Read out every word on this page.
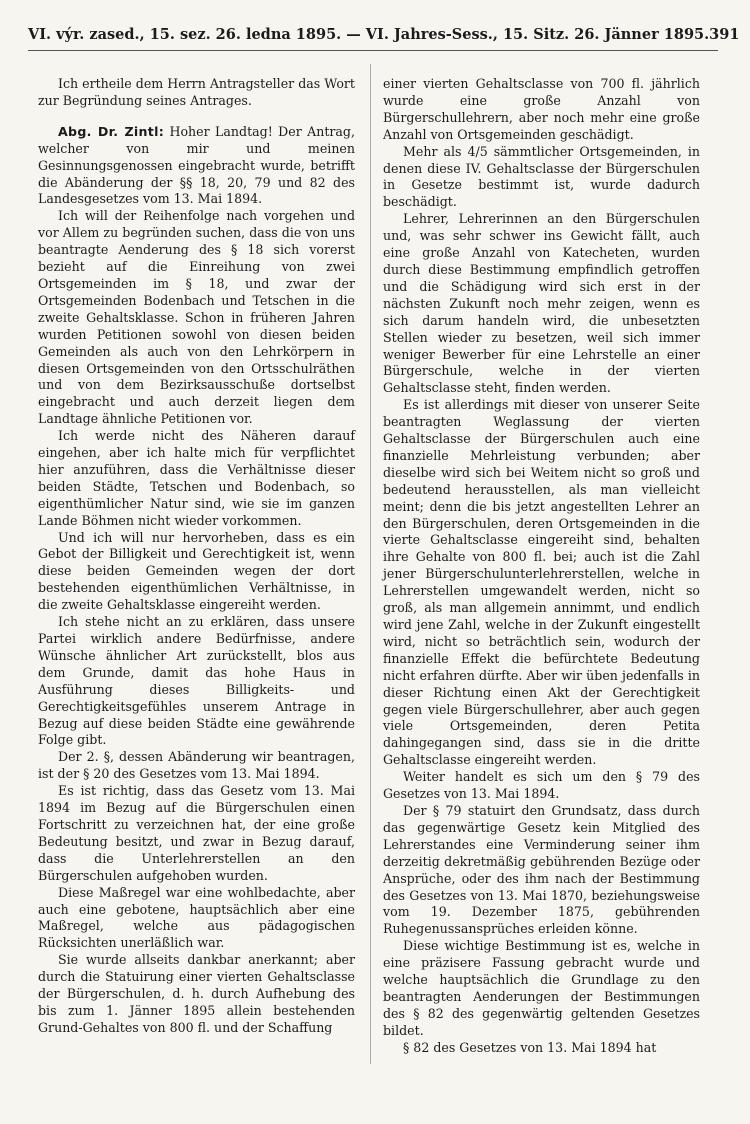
VI. výr. zased., 15. sez. 26. ledna 1895. — VI. Jahres-Sess., 15. Sitz. 26. Jänner 1895. 391

Ich ertheile dem Herrn Antragsteller das Wort zur Begründung seines Antrages.

Abg. Dr. Zintl: Hoher Landtag! Der Antrag, welcher von mir und meinen Gesinnungsgenossen eingebracht wurde, betrifft die Abänderung der §§ 18, 20, 79 und 82 des Landesgesetzes vom 13. Mai 1894.

Ich will der Reihenfolge nach vorgehen und vor Allem zu begründen suchen, dass die von uns beantragte Aenderung des § 18 sich vorerst bezieht auf die Einreihung von zwei Ortsgemeinden im § 18, und zwar der Ortsgemeinden Bodenbach und Tetschen in die zweite Gehaltsklasse. Schon in früheren Jahren wurden Petitionen sowohl von diesen beiden Gemeinden als auch von den Lehrkörpern in diesen Ortsgemeinden von den Ortsschulräthen und von dem Bezirksausschuße dortselbst eingebracht und auch derzeit liegen dem Landtage ähnliche Petitionen vor.

Ich werde nicht des Näheren darauf eingehen, aber ich halte mich für verpflichtet hier anzuführen, dass die Verhältnisse dieser beiden Städte, Tetschen und Bodenbach, so eigenthümlicher Natur sind, wie sie im ganzen Lande Böhmen nicht wieder vorkommen.

Und ich will nur hervorheben, dass es ein Gebot der Billigkeit und Gerechtigkeit ist, wenn diese beiden Gemeinden wegen der dort bestehenden eigenthümlichen Verhältnisse, in die zweite Gehaltsklasse eingereiht werden.

Ich stehe nicht an zu erklären, dass unsere Partei wirklich andere Bedürfnisse, andere Wünsche ähnlicher Art zurückstellt, blos aus dem Grunde, damit das hohe Haus in Ausführung dieses Billigkeits- und Gerechtigkeitsgefühles unserem Antrage in Bezug auf diese beiden Städte eine gewährende Folge gibt.

Der 2. §, dessen Abänderung wir beantragen, ist der § 20 des Gesetzes vom 13. Mai 1894.

Es ist richtig, dass das Gesetz vom 13. Mai 1894 im Bezug auf die Bürgerschulen einen Fortschritt zu verzeichnen hat, der eine große Bedeutung besitzt, und zwar in Bezug darauf, dass die Unterlehrerstellen an den Bürgerschulen aufgehoben wurden.

Diese Maßregel war eine wohlbedachte, aber auch eine gebotene, hauptsächlich aber eine Maßregel, welche aus pädagogischen Rücksichten unerläßlich war.

Sie wurde allseits dankbar anerkannt; aber durch die Statuirung einer vierten Gehaltsclasse der Bürgerschulen, d. h. durch Aufhebung des bis zum 1. Jänner 1895 allein bestehenden Grund-Gehaltes von 800 fl. und der Schaffung

einer vierten Gehaltsclasse von 700 fl. jährlich wurde eine große Anzahl von Bürgerschullehrern, aber noch mehr eine große Anzahl von Ortsgemeinden geschädigt.

Mehr als 4/5 sämmtlicher Ortsgemeinden, in denen diese IV. Gehaltsclasse der Bürgerschulen in Gesetze bestimmt ist, wurde dadurch beschädigt.

Lehrer, Lehrerinnen an den Bürgerschulen und, was sehr schwer ins Gewicht fällt, auch eine große Anzahl von Katecheten, wurden durch diese Bestimmung empfindlich getroffen und die Schädigung wird sich erst in der nächsten Zukunft noch mehr zeigen, wenn es sich darum handeln wird, die unbesetzten Stellen wieder zu besetzen, weil sich immer weniger Bewerber für eine Lehrstelle an einer Bürgerschule, welche in der vierten Gehaltsclasse steht, finden werden.

Es ist allerdings mit dieser von unserer Seite beantragten Weglassung der vierten Gehaltsclasse der Bürgerschulen auch eine finanzielle Mehrleistung verbunden; aber dieselbe wird sich bei Weitem nicht so groß und bedeutend herausstellen, als man vielleicht meint; denn die bis jetzt angestellten Lehrer an den Bürgerschulen, deren Ortsgemeinden in die vierte Gehaltsclasse eingereiht sind, behalten ihre Gehalte von 800 fl. bei; auch ist die Zahl jener Bürgerschulunterlehrerstellen, welche in Lehrerstellen umgewandelt werden, nicht so groß, als man allgemein annimmt, und endlich wird jene Zahl, welche in der Zukunft eingestellt wird, nicht so beträchtlich sein, wodurch der finanzielle Effekt die befürchtete Bedeutung nicht erfahren dürfte. Aber wir üben jedenfalls in dieser Richtung einen Akt der Gerechtigkeit gegen viele Bürgerschullehrer, aber auch gegen viele Ortsgemeinden, deren Petita dahingegangen sind, dass sie in die dritte Gehaltsclasse eingereiht werden.

Weiter handelt es sich um den § 79 des Gesetzes von 13. Mai 1894.

Der § 79 statuirt den Grundsatz, dass durch das gegenwärtige Gesetz kein Mitglied des Lehrerstandes eine Verminderung seiner ihm derzeitig dekretmäßig gebührenden Bezüge oder Ansprüche, oder des ihm nach der Bestimmung des Gesetzes von 13. Mai 1870, beziehungsweise vom 19. Dezember 1875, gebührenden Ruhegenussansprüches erleiden könne.

Diese wichtige Bestimmung ist es, welche in eine präzisere Fassung gebracht wurde und welche hauptsächlich die Grundlage zu den beantragten Aenderungen der Bestimmungen des § 82 des gegenwärtig geltenden Gesetzes bildet.

§ 82 des Gesetzes von 13. Mai 1894 hat
